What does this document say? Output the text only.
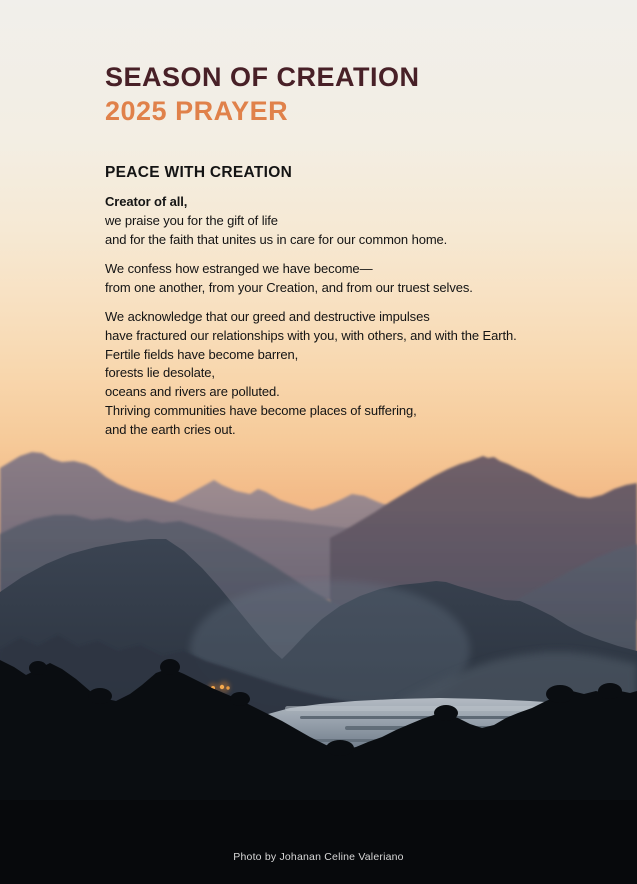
SEASON OF CREATION
2025 PRAYER
PEACE WITH CREATION

Creator of all,
we praise you for the gift of life
and for the faith that unites us in care for our common home.

We confess how estranged we have become—
from one another, from your Creation, and from our truest selves.

We acknowledge that our greed and destructive impulses
have fractured our relationships with you, with others, and with the Earth.
Fertile fields have become barren,
forests lie desolate,
oceans and rivers are polluted.
Thriving communities have become places of suffering,
and the earth cries out.

Photo by Johanan Celine Valeriano
